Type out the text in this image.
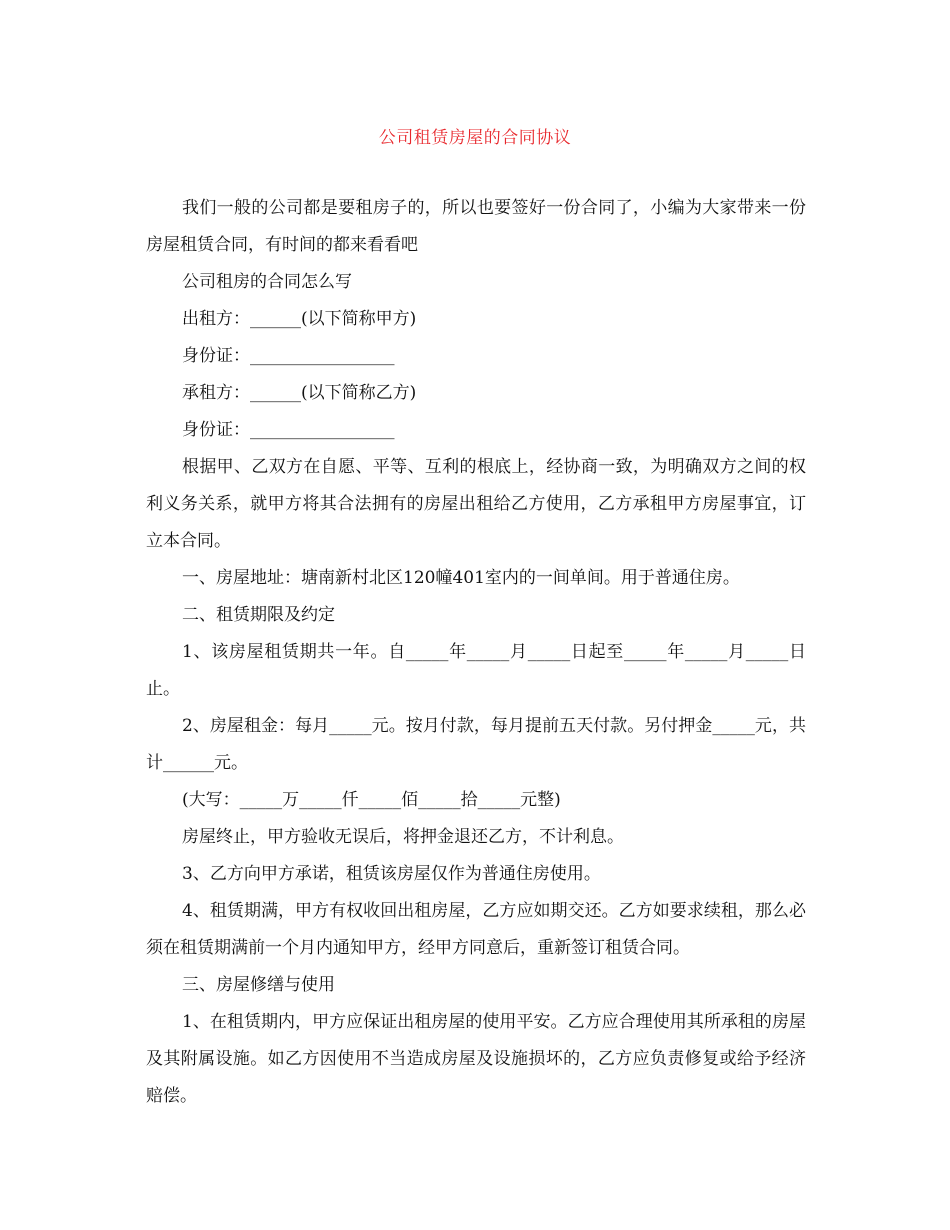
公司租赁房屋的合同协议

我们一般的公司都是要租房子的，所以也要签好一份合同了，小编为大家带来一份房屋租赁合同，有时间的都来看看吧

公司租房的合同怎么写

出租方：______(以下简称甲方)

身份证：_________________

承租方：______(以下简称乙方)

身份证：_________________

根据甲、乙双方在自愿、平等、互利的根底上，经协商一致，为明确双方之间的权利义务关系，就甲方将其合法拥有的房屋出租给乙方使用，乙方承租甲方房屋事宜，订立本合同。

一、房屋地址：塘南新村北区120幢401室内的一间单间。用于普通住房。

二、租赁期限及约定

1、该房屋租赁期共一年。自_____年_____月_____日起至_____年_____月_____日止。

2、房屋租金：每月_____元。按月付款，每月提前五天付款。另付押金_____元，共计______元。

(大写：_____万_____仟_____佰_____拾_____元整)

房屋终止，甲方验收无误后，将押金退还乙方，不计利息。

3、乙方向甲方承诺，租赁该房屋仅作为普通住房使用。

4、租赁期满，甲方有权收回出租房屋，乙方应如期交还。乙方如要求续租，那么必须在租赁期满前一个月内通知甲方，经甲方同意后，重新签订租赁合同。

三、房屋修缮与使用

1、在租赁期内，甲方应保证出租房屋的使用平安。乙方应合理使用其所承租的房屋及其附属设施。如乙方因使用不当造成房屋及设施损坏的，乙方应负责修复或给予经济赔偿。
